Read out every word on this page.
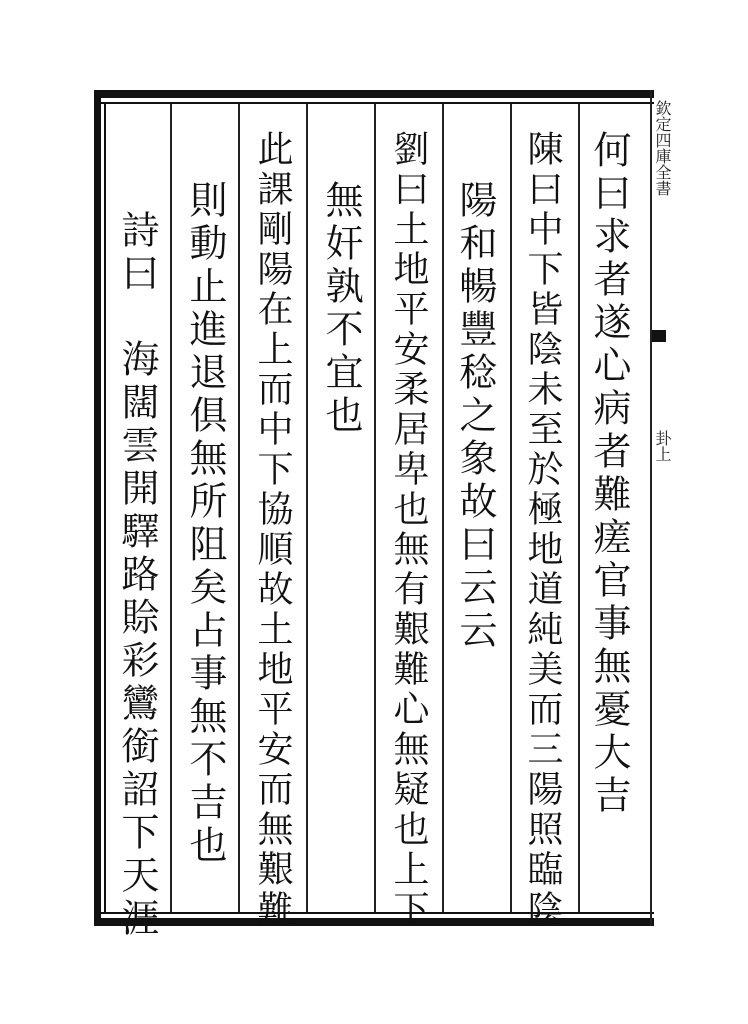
欽定四庫全書
卦上
何曰求者遂心病者難瘥官事無憂大吉
陳曰中下皆陰未至於極地道純美而三陽照臨陰
陽和暢豐稔之象故曰云云
劉曰土地平安柔居卑也無有艱難心無疑也上下
無奸孰不宜也
此課剛陽在上而中下協順故土地平安而無艱難
則動止進退俱無所阻矣占事無不吉也
詩曰　海闊雲開驛路賒
彩鸞銜詔下天涯
